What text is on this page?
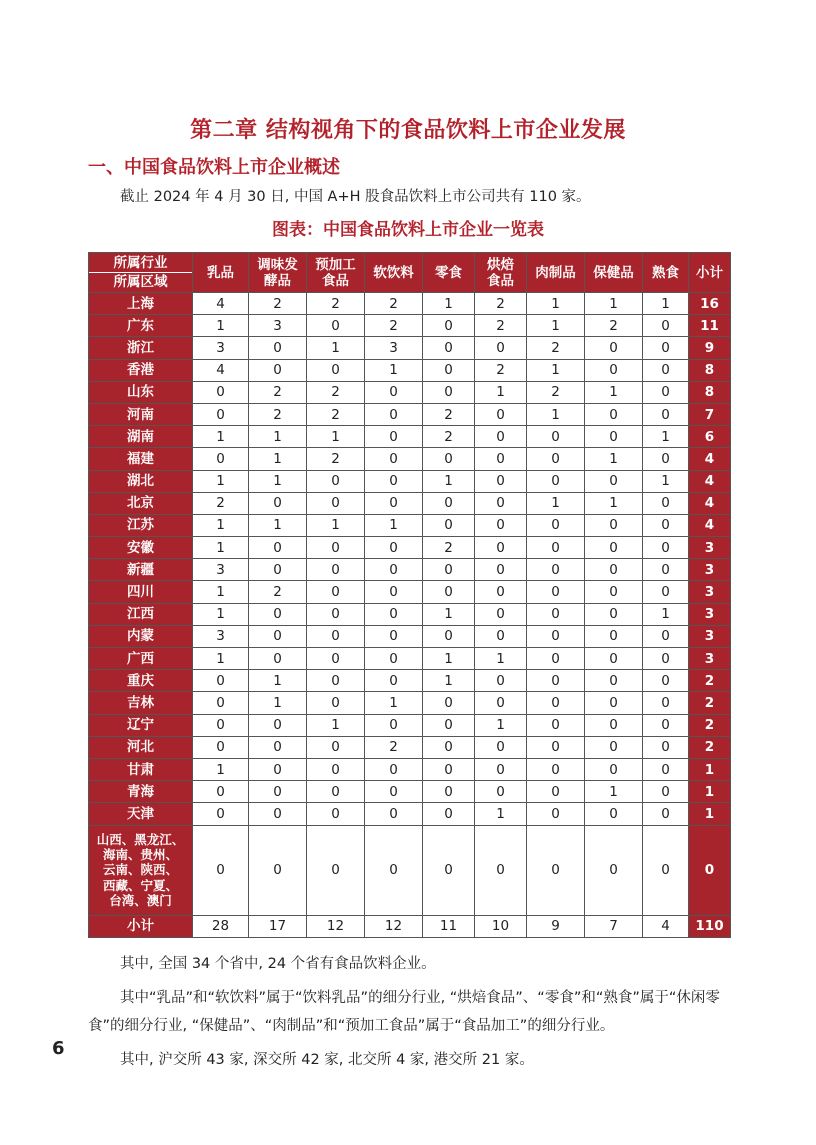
第二章 结构视角下的食品饮料上市企业发展
一、中国食品饮料上市企业概述
截止 2024 年 4 月 30 日, 中国 A+H 股食品饮料上市公司共有 110 家。
图表：中国食品饮料上市企业一览表
所属行业
所属区域	乳品	调味发酵品	预加工食品	软饮料	零食	烘焙食品	肉制品	保健品	熟食	小计
上海	4	2	2	2	1	2	1	1	1	16
广东	1	3	0	2	0	2	1	2	0	11
浙江	3	0	1	3	0	0	2	0	0	9
香港	4	0	0	1	0	2	1	0	0	8
山东	0	2	2	0	0	1	2	1	0	8
河南	0	2	2	0	2	0	1	0	0	7
湖南	1	1	1	0	2	0	0	0	1	6
福建	0	1	2	0	0	0	0	1	0	4
湖北	1	1	0	0	1	0	0	0	1	4
北京	2	0	0	0	0	0	1	1	0	4
江苏	1	1	1	1	0	0	0	0	0	4
安徽	1	0	0	0	2	0	0	0	0	3
新疆	3	0	0	0	0	0	0	0	0	3
四川	1	2	0	0	0	0	0	0	0	3
江西	1	0	0	0	1	0	0	0	1	3
内蒙	3	0	0	0	0	0	0	0	0	3
广西	1	0	0	0	1	1	0	0	0	3
重庆	0	1	0	0	1	0	0	0	0	2
吉林	0	1	0	1	0	0	0	0	0	2
辽宁	0	0	1	0	0	1	0	0	0	2
河北	0	0	0	2	0	0	0	0	0	2
甘肃	1	0	0	0	0	0	0	0	0	1
青海	0	0	0	0	0	0	0	1	0	1
天津	0	0	0	0	0	1	0	0	0	1

山西、黑龙江、
海南、贵州、
云南、陕西、
西藏、宁夏、
台湾、澳门	0	0	0	0	0	0	0	0	0	0
小计	28	17	12	12	11	10	9	7	4	110
其中, 全国 34 个省中, 24 个省有食品饮料企业。
其中“乳品”和“软饮料”属于“饮料乳品”的细分行业, “烘焙食品”、“零食”和“熟食”属于“休闲零食”的细分行业, “保健品”、“肉制品”和“预加工食品”属于“食品加工”的细分行业。
其中, 沪交所 43 家, 深交所 42 家, 北交所 4 家, 港交所 21 家。
6
